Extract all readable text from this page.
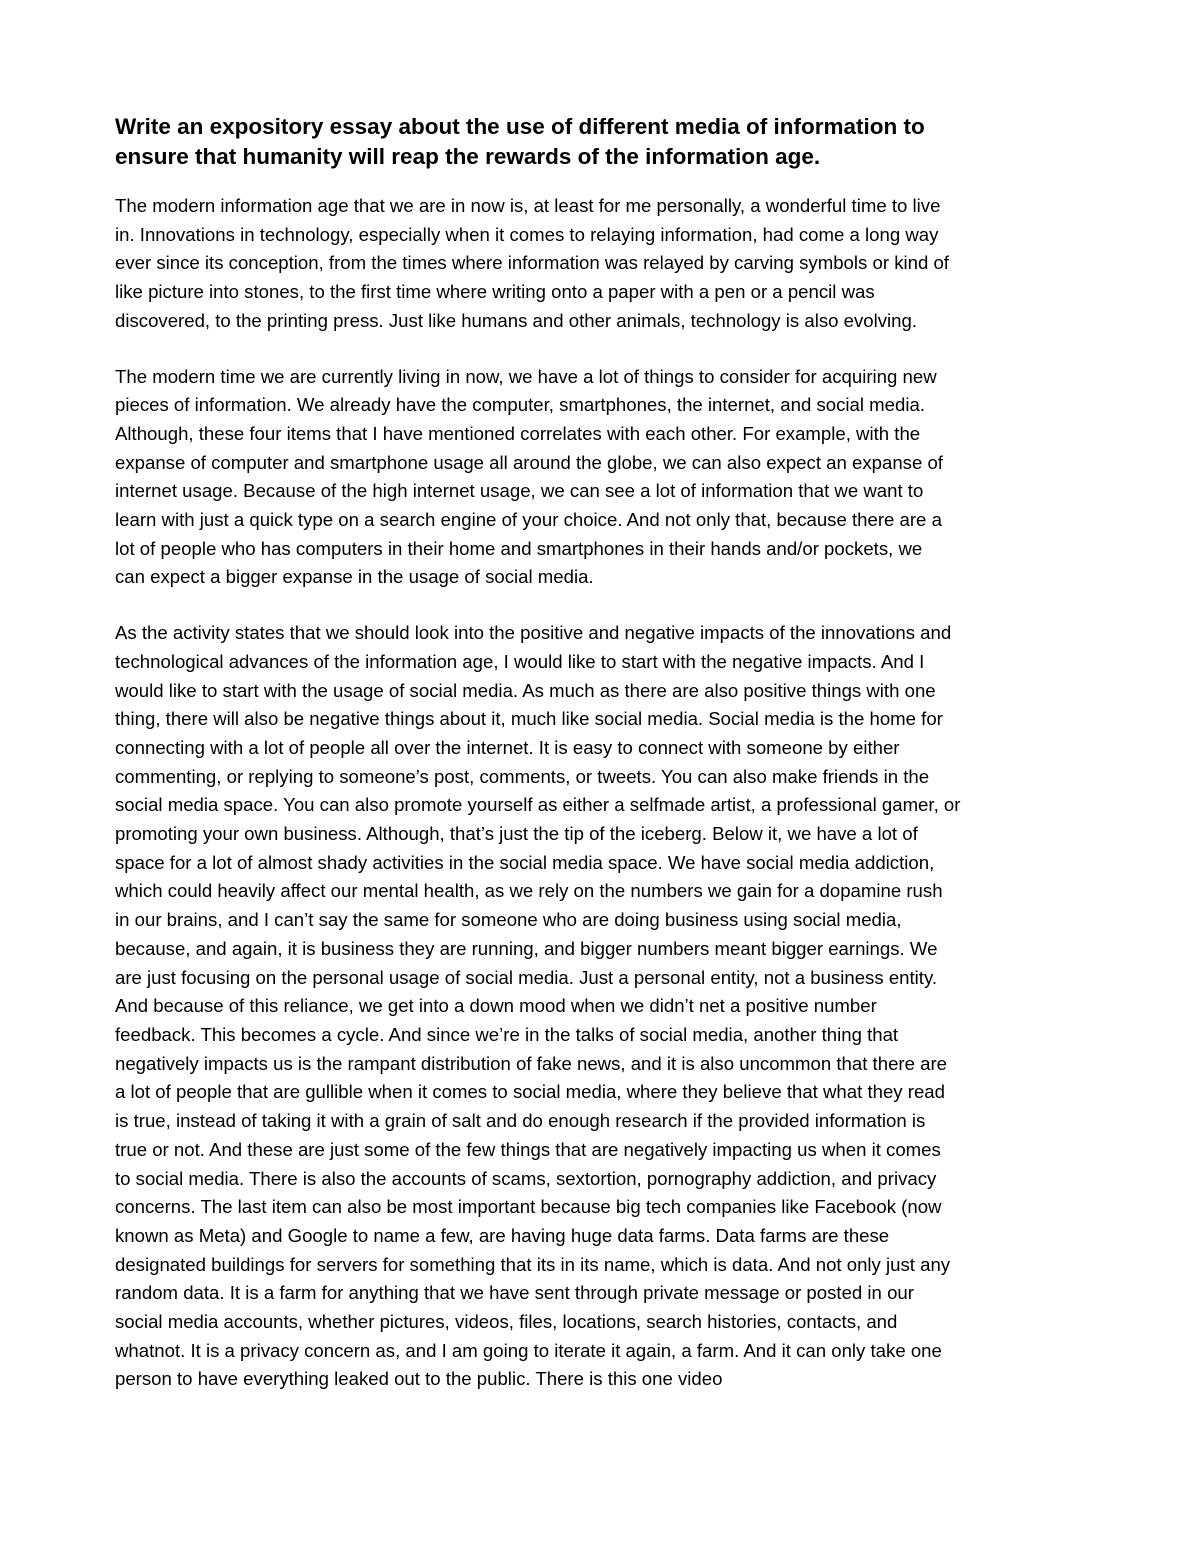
Write an expository essay about the use of different media of information to
ensure that humanity will reap the rewards of the information age.
The modern information age that we are in now is, at least for me personally, a wonderful time to live
in. Innovations in technology, especially when it comes to relaying information, had come a long way
ever since its conception, from the times where information was relayed by carving symbols or kind of
like picture into stones, to the first time where writing onto a paper with a pen or a pencil was
discovered, to the printing press. Just like humans and other animals, technology is also evolving.
The modern time we are currently living in now, we have a lot of things to consider for acquiring new
pieces of information. We already have the computer, smartphones, the internet, and social media.
Although, these four items that I have mentioned correlates with each other. For example, with the
expanse of computer and smartphone usage all around the globe, we can also expect an expanse of
internet usage. Because of the high internet usage, we can see a lot of information that we want to
learn with just a quick type on a search engine of your choice. And not only that, because there are a
lot of people who has computers in their home and smartphones in their hands and/or pockets, we
can expect a bigger expanse in the usage of social media.
As the activity states that we should look into the positive and negative impacts of the innovations and
technological advances of the information age, I would like to start with the negative impacts. And I
would like to start with the usage of social media. As much as there are also positive things with one
thing, there will also be negative things about it, much like social media. Social media is the home for
connecting with a lot of people all over the internet. It is easy to connect with someone by either
commenting, or replying to someone’s post, comments, or tweets. You can also make friends in the
social media space. You can also promote yourself as either a selfmade artist, a professional gamer, or
promoting your own business. Although, that’s just the tip of the iceberg. Below it, we have a lot of
space for a lot of almost shady activities in the social media space. We have social media addiction,
which could heavily affect our mental health, as we rely on the numbers we gain for a dopamine rush
in our brains, and I can’t say the same for someone who are doing business using social media,
because, and again, it is business they are running, and bigger numbers meant bigger earnings. We
are just focusing on the personal usage of social media. Just a personal entity, not a business entity.
And because of this reliance, we get into a down mood when we didn’t net a positive number
feedback. This becomes a cycle. And since we’re in the talks of social media, another thing that
negatively impacts us is the rampant distribution of fake news, and it is also uncommon that there are
a lot of people that are gullible when it comes to social media, where they believe that what they read
is true, instead of taking it with a grain of salt and do enough research if the provided information is
true or not. And these are just some of the few things that are negatively impacting us when it comes
to social media. There is also the accounts of scams, sextortion, pornography addiction, and privacy
concerns. The last item can also be most important because big tech companies like Facebook (now
known as Meta) and Google to name a few, are having huge data farms. Data farms are these
designated buildings for servers for something that its in its name, which is data. And not only just any
random data. It is a farm for anything that we have sent through private message or posted in our
social media accounts, whether pictures, videos, files, locations, search histories, contacts, and
whatnot. It is a privacy concern as, and I am going to iterate it again, a farm. And it can only take one
person to have everything leaked out to the public. There is this one video
